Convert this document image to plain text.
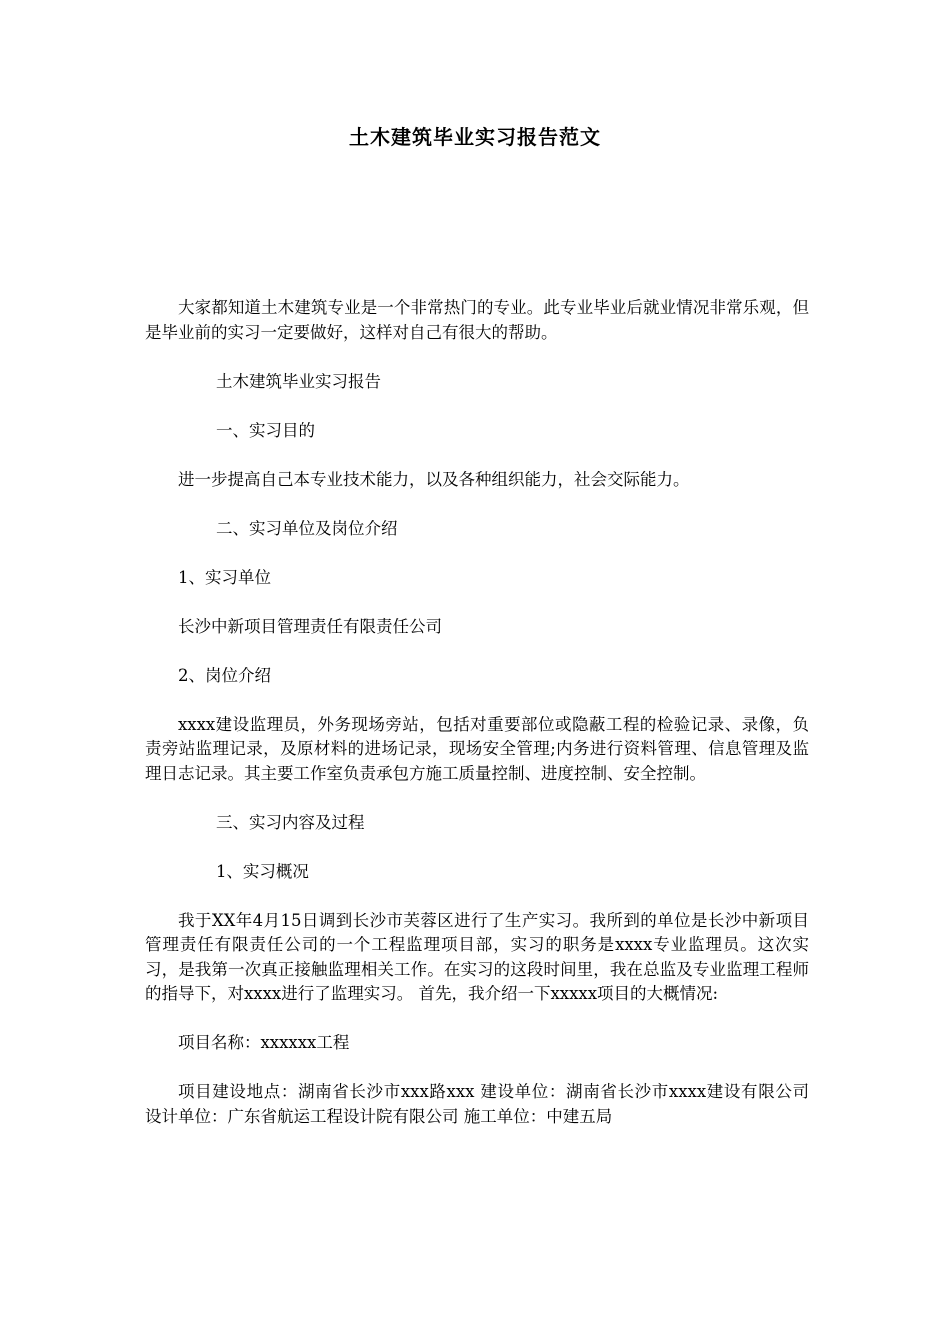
土木建筑毕业实习报告范文

大家都知道土木建筑专业是一个非常热门的专业。此专业毕业后就业情况非常乐观，但是毕业前的实习一定要做好，这样对自己有很大的帮助。

土木建筑毕业实习报告

一、实习目的

进一步提高自己本专业技术能力，以及各种组织能力，社会交际能力。

二、实习单位及岗位介绍

1、实习单位

长沙中新项目管理责任有限责任公司

2、岗位介绍

xxxx建设监理员，外务现场旁站，包括对重要部位或隐蔽工程的检验记录、录像，负责旁站监理记录，及原材料的进场记录，现场安全管理;内务进行资料管理、信息管理及监理日志记录。其主要工作室负责承包方施工质量控制、进度控制、安全控制。

三、实习内容及过程

1、实习概况

我于XX年4月15日调到长沙市芙蓉区进行了生产实习。我所到的单位是长沙中新项目管理责任有限责任公司的一个工程监理项目部，实习的职务是xxxx专业监理员。这次实习，是我第一次真正接触监理相关工作。在实习的这段时间里，我在总监及专业监理工程师的指导下，对xxxx进行了监理实习。 首先，我介绍一下xxxxx项目的大概情况:

项目名称：xxxxxx工程

项目建设地点：湖南省长沙市xxx路xxx 建设单位：湖南省长沙市xxxx建设有限公司 设计单位：广东省航运工程设计院有限公司 施工单位：中建五局
